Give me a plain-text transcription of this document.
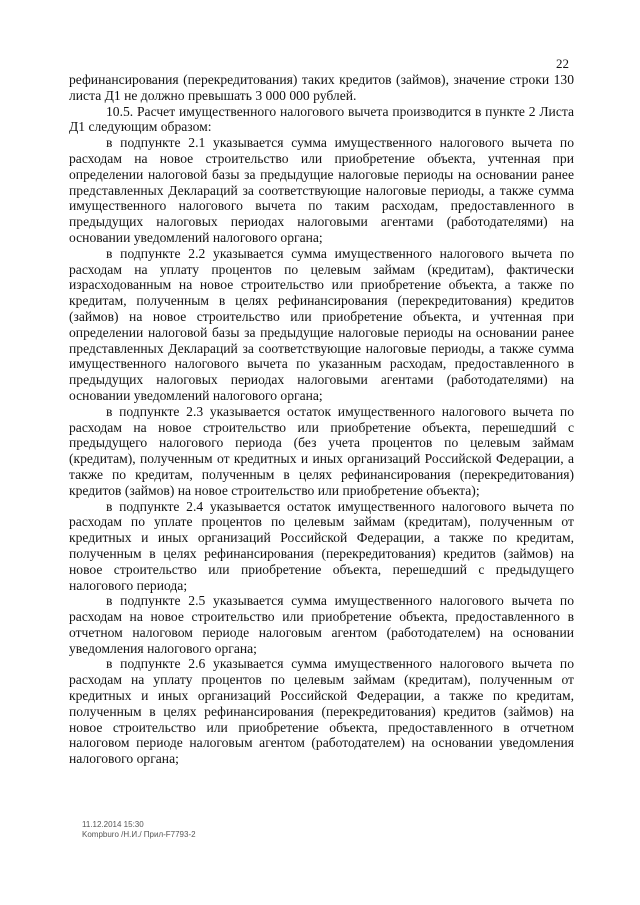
22

рефинансирования (перекредитования) таких кредитов (займов), значение строки 130 листа Д1 не должно превышать 3 000 000 рублей.

10.5. Расчет имущественного налогового вычета производится в пункте 2 Листа Д1 следующим образом:

в подпункте 2.1 указывается сумма имущественного налогового вычета по расходам на новое строительство или приобретение объекта, учтенная при определении налоговой базы за предыдущие налоговые периоды на основании ранее представленных Деклараций за соответствующие налоговые периоды, а также сумма имущественного налогового вычета по таким расходам, предоставленного в предыдущих налоговых периодах налоговыми агентами (работодателями) на основании уведомлений налогового органа;

в подпункте 2.2 указывается сумма имущественного налогового вычета по расходам на уплату процентов по целевым займам (кредитам), фактически израсходованным на новое строительство или приобретение объекта, а также по кредитам, полученным в целях рефинансирования (перекредитования) кредитов (займов) на новое строительство или приобретение объекта, и учтенная при определении налоговой базы за предыдущие налоговые периоды на основании ранее представленных Деклараций за соответствующие налоговые периоды, а также сумма имущественного налогового вычета по указанным расходам, предоставленного в предыдущих налоговых периодах налоговыми агентами (работодателями) на основании уведомлений налогового органа;

в подпункте 2.3 указывается остаток имущественного налогового вычета по расходам на новое строительство или приобретение объекта, перешедший с предыдущего налогового периода (без учета процентов по целевым займам (кредитам), полученным от кредитных и иных организаций Российской Федерации, а также по кредитам, полученным в целях рефинансирования (перекредитования) кредитов (займов) на новое строительство или приобретение объекта);

в подпункте 2.4 указывается остаток имущественного налогового вычета по расходам по уплате процентов по целевым займам (кредитам), полученным от кредитных и иных организаций Российской Федерации, а также по кредитам, полученным в целях рефинансирования (перекредитования) кредитов (займов) на новое строительство или приобретение объекта, перешедший с предыдущего налогового периода;

в подпункте 2.5 указывается сумма имущественного налогового вычета по расходам на новое строительство или приобретение объекта, предоставленного в отчетном налоговом периоде налоговым агентом (работодателем) на основании уведомления налогового органа;

в подпункте 2.6 указывается сумма имущественного налогового вычета по расходам на уплату процентов по целевым займам (кредитам), полученным от кредитных и иных организаций Российской Федерации, а также по кредитам, полученным в целях рефинансирования (перекредитования) кредитов (займов) на новое строительство или приобретение объекта, предоставленного в отчетном налоговом периоде налоговым агентом (работодателем) на основании уведомления налогового органа;

11.12.2014 15:30
Kompburo /Н.И./ Прил-F7793-2
